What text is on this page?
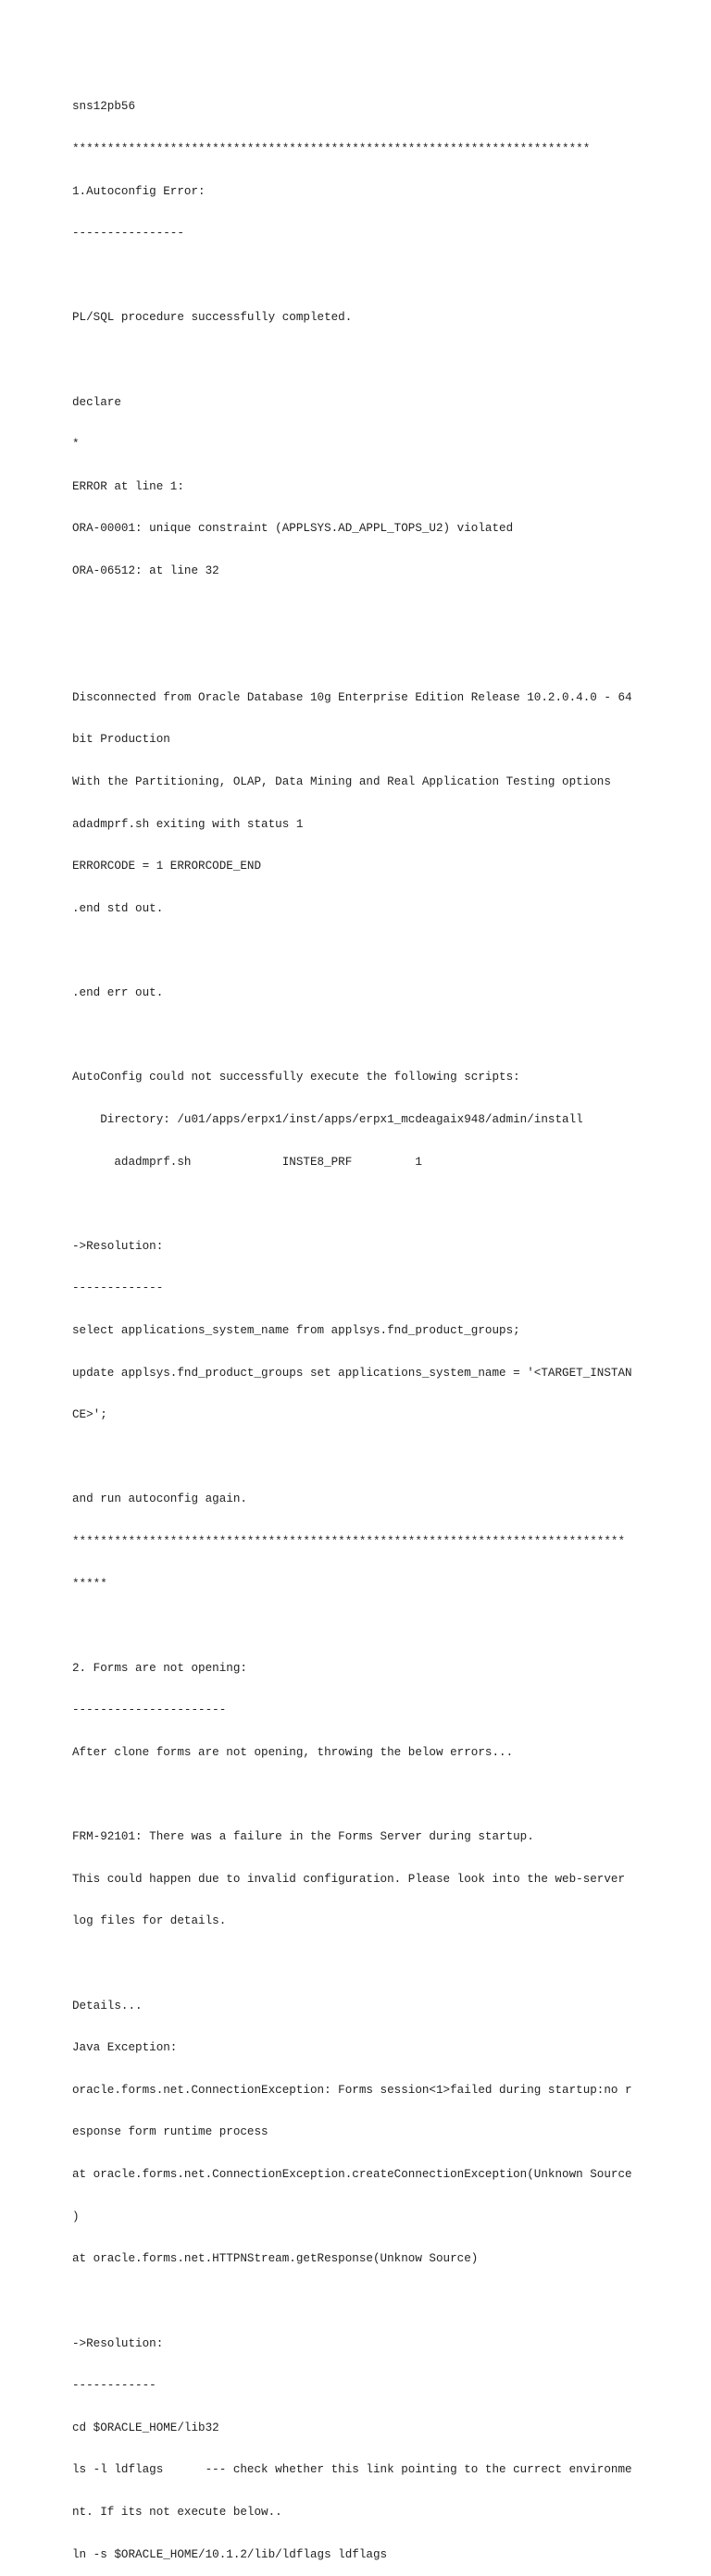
sns12pb56

**************************************************************************

1.Autoconfig Error:

----------------

PL/SQL procedure successfully completed.

declare

*

ERROR at line 1:

ORA-00001: unique constraint (APPLSYS.AD_APPL_TOPS_U2) violated

ORA-06512: at line 32

Disconnected from Oracle Database 10g Enterprise Edition Release 10.2.0.4.0 - 64

bit Production

With the Partitioning, OLAP, Data Mining and Real Application Testing options

adadmprf.sh exiting with status 1

ERRORCODE = 1 ERRORCODE_END

.end std out.

.end err out.

AutoConfig could not successfully execute the following scripts:

Directory: /u01/apps/erpx1/inst/apps/erpx1_mcdeagaix948/admin/install

adadmprf.sh             INSTE8_PRF         1

->Resolution:

-------------

select applications_system_name from applsys.fnd_product_groups;

update applsys.fnd_product_groups set applications_system_name = '<TARGET_INSTAN

CE>';

and run autoconfig again.

*******************************************************************************

*****

2. Forms are not opening:

----------------------

After clone forms are not opening, throwing the below errors...

FRM-92101: There was a failure in the Forms Server during startup.

This could happen due to invalid configuration. Please look into the web-server

log files for details.

Details...

Java Exception:

oracle.forms.net.ConnectionException: Forms session<1>failed during startup:no r

esponse form runtime process

at oracle.forms.net.ConnectionException.createConnectionException(Unknown Source

)

at oracle.forms.net.HTTPNStream.getResponse(Unknow Source)

->Resolution:

------------

cd $ORACLE_HOME/lib32

ls -l ldflags      --- check whether this link pointing to the currect environme

nt. If its not execute below..

ln -s $ORACLE_HOME/10.1.2/lib/ldflags ldflags
